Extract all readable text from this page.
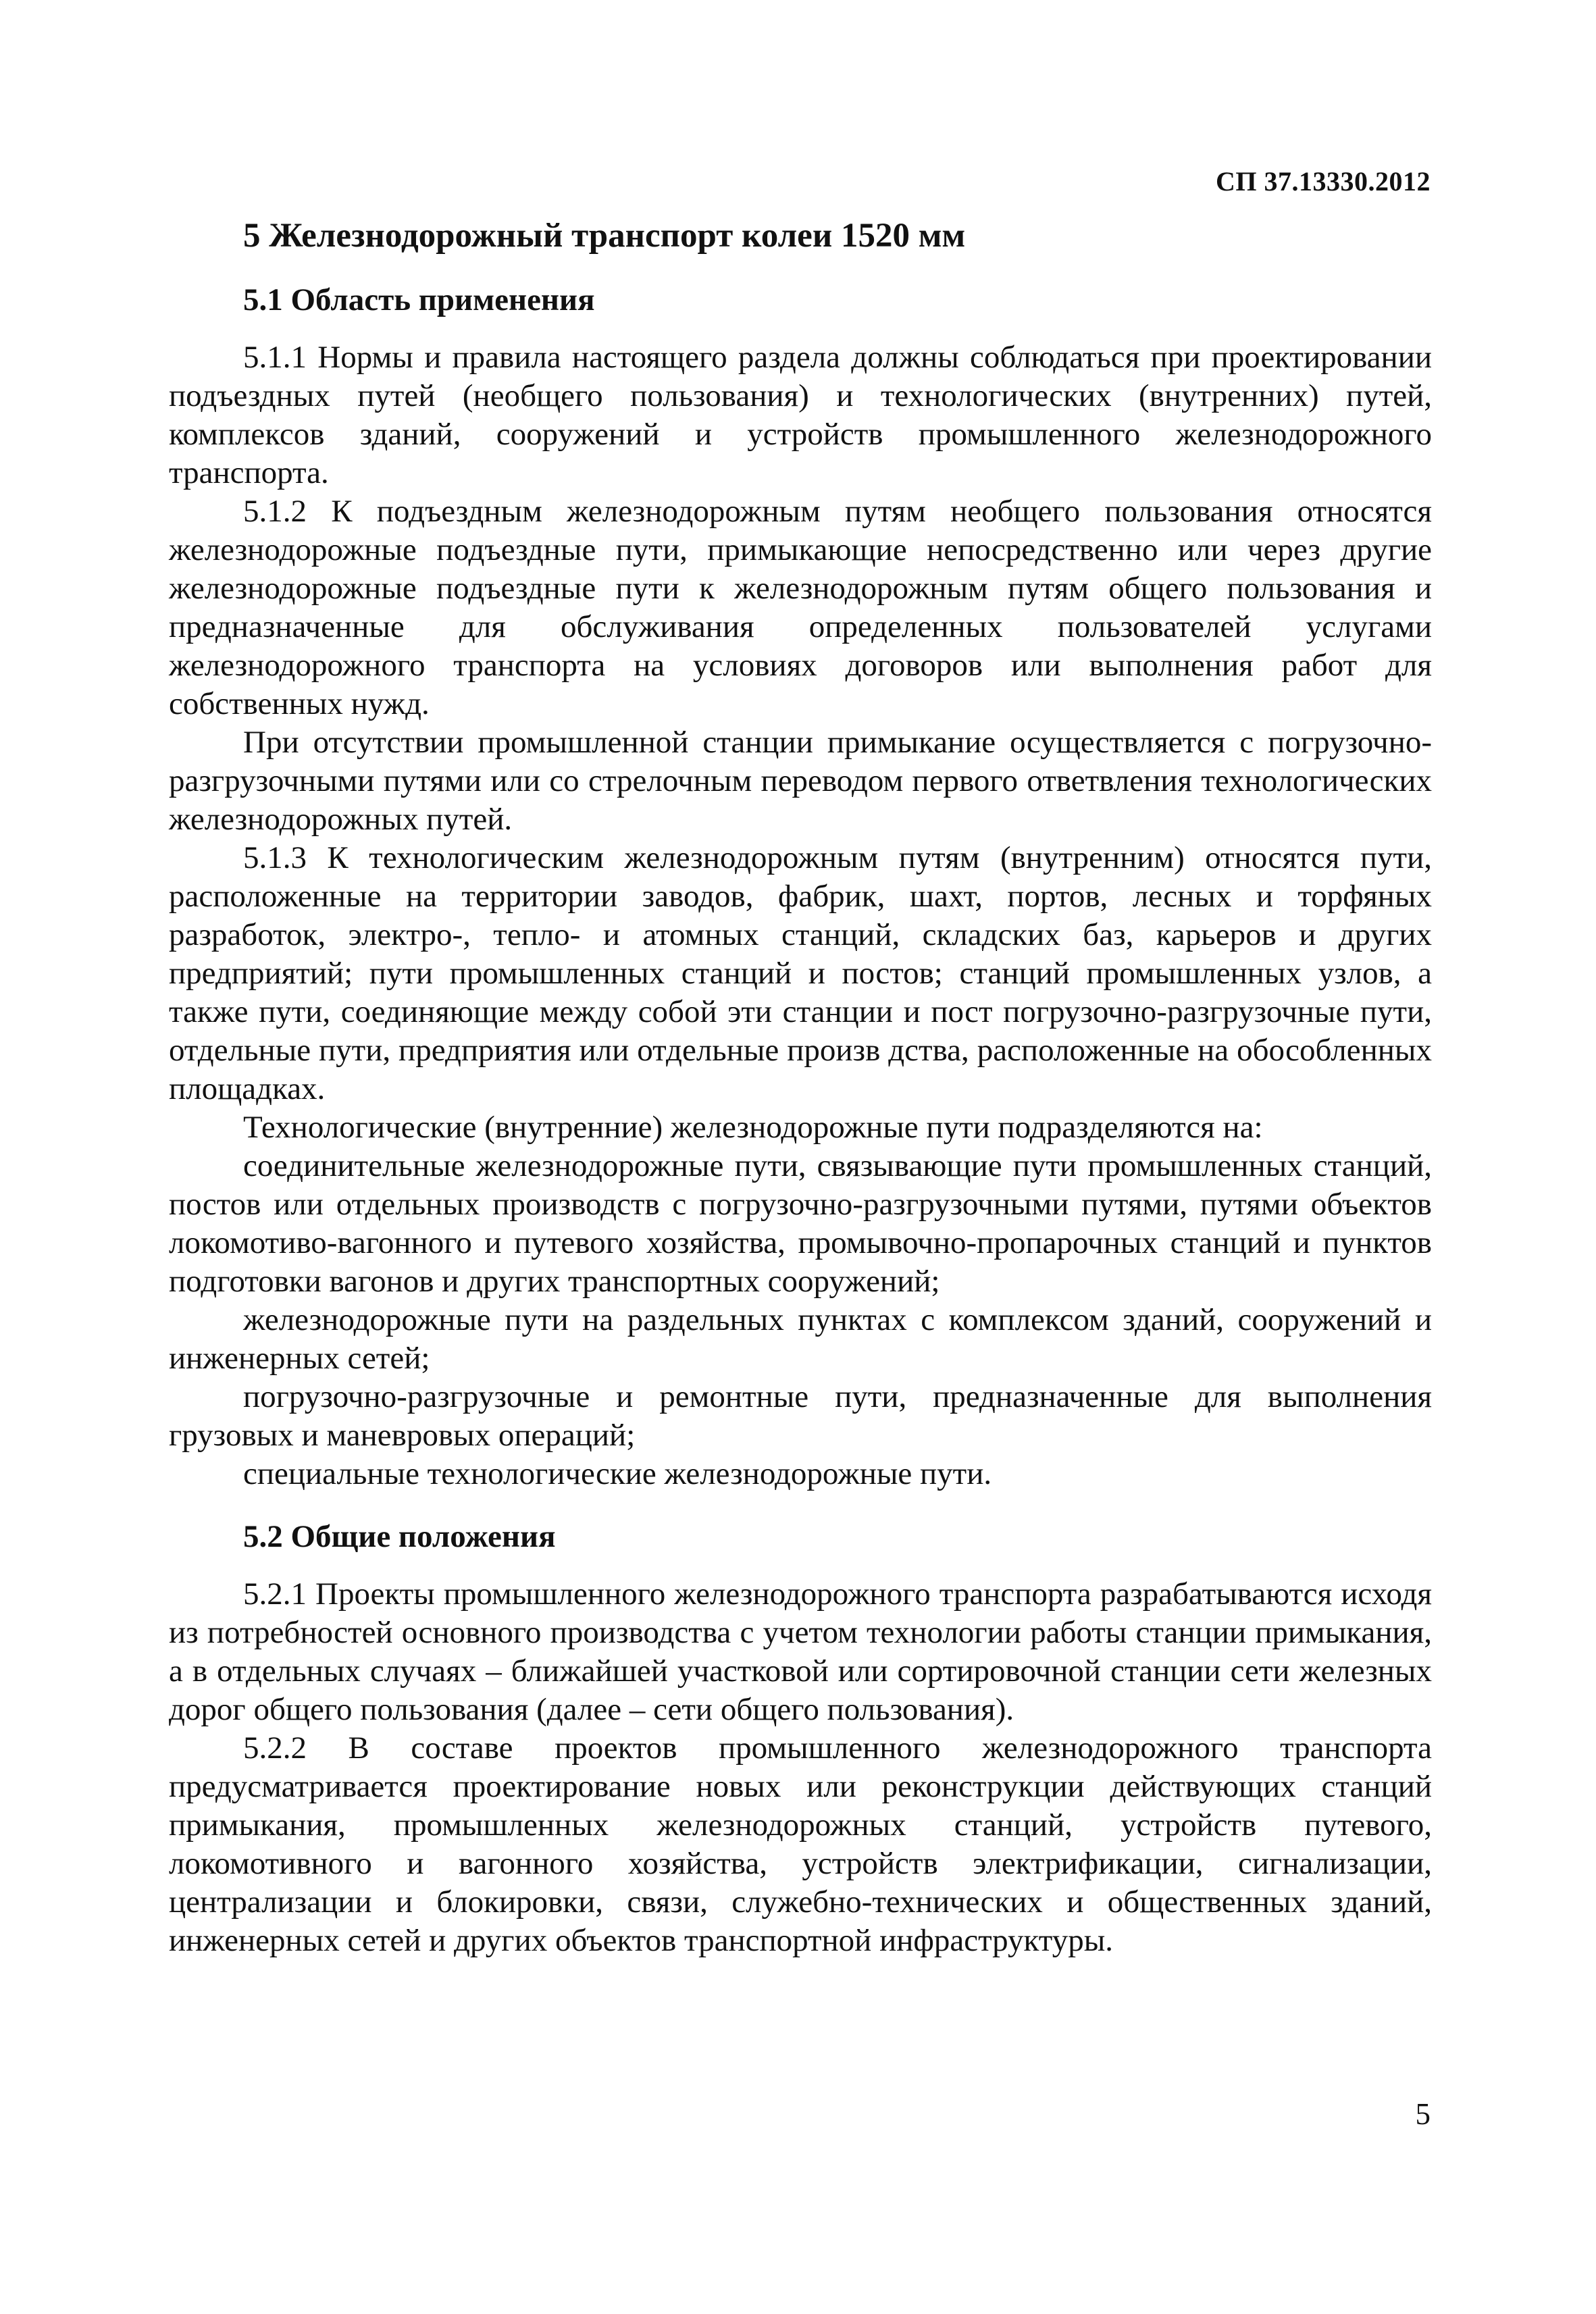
СП 37.13330.2012
5 Железнодорожный транспорт колеи 1520 мм
5.1 Область применения

5.1.1 Нормы и правила настоящего раздела должны соблюдаться при проектировании подъездных путей (необщего пользования) и технологических (внутренних) путей, комплексов зданий, сооружений и устройств промышленного железнодорожного транспорта.

5.1.2 К подъездным железнодорожным путям необщего пользования относятся железнодорожные подъездные пути, примыкающие непосредственно или через другие железнодорожные подъездные пути к железнодорожным путям общего пользования и предназначенные для обслуживания определенных пользователей услугами железнодорожного транспорта на условиях договоров или выполнения работ для собственных нужд.

При отсутствии промышленной станции примыкание осуществляется с погрузочно-разгрузочными путями или со стрелочным переводом первого ответвления технологических железнодорожных путей.

5.1.3 К технологическим железнодорожным путям (внутренним) относятся пути, расположенные на территории заводов, фабрик, шахт, портов, лесных и торфяных разработок, электро-, тепло- и атомных станций, складских баз, карьеров и других предприятий; пути промышленных станций и постов; станций промышленных узлов, а также пути, соединяющие между собой эти станции и пост погрузочно-разгрузочные пути, отдельные пути, предприятия или отдельные произв дства, расположенные на обособленных площадках.

Технологические (внутренние) железнодорожные пути подразделяются на:

соединительные железнодорожные пути, связывающие пути промышленных станций, постов или отдельных производств с погрузочно-разгрузочными путями, путями объектов локомотиво-вагонного и путевого хозяйства, промывочно-пропарочных станций и пунктов подготовки вагонов и других транспортных сооружений;

железнодорожные пути на раздельных пунктах с комплексом зданий, сооружений и инженерных сетей;

погрузочно-разгрузочные и ремонтные пути, предназначенные для выполнения грузовых и маневровых операций;

специальные технологические железнодорожные пути.

5.2 Общие положения

5.2.1 Проекты промышленного железнодорожного транспорта разрабатываются исходя из потребностей основного производства с учетом технологии работы станции примыкания, а в отдельных случаях – ближайшей участковой или сортировочной станции сети железных дорог общего пользования (далее – сети общего пользования).

5.2.2 В составе проектов промышленного железнодорожного транспорта предусматривается проектирование новых или реконструкции действующих станций примыкания, промышленных железнодорожных станций, устройств путевого, локомотивного и вагонного хозяйства, устройств электрификации, сигнализации, централизации и блокировки, связи, служебно-технических и общественных зданий, инженерных сетей и других объектов транспортной инфраструктуры.

5
